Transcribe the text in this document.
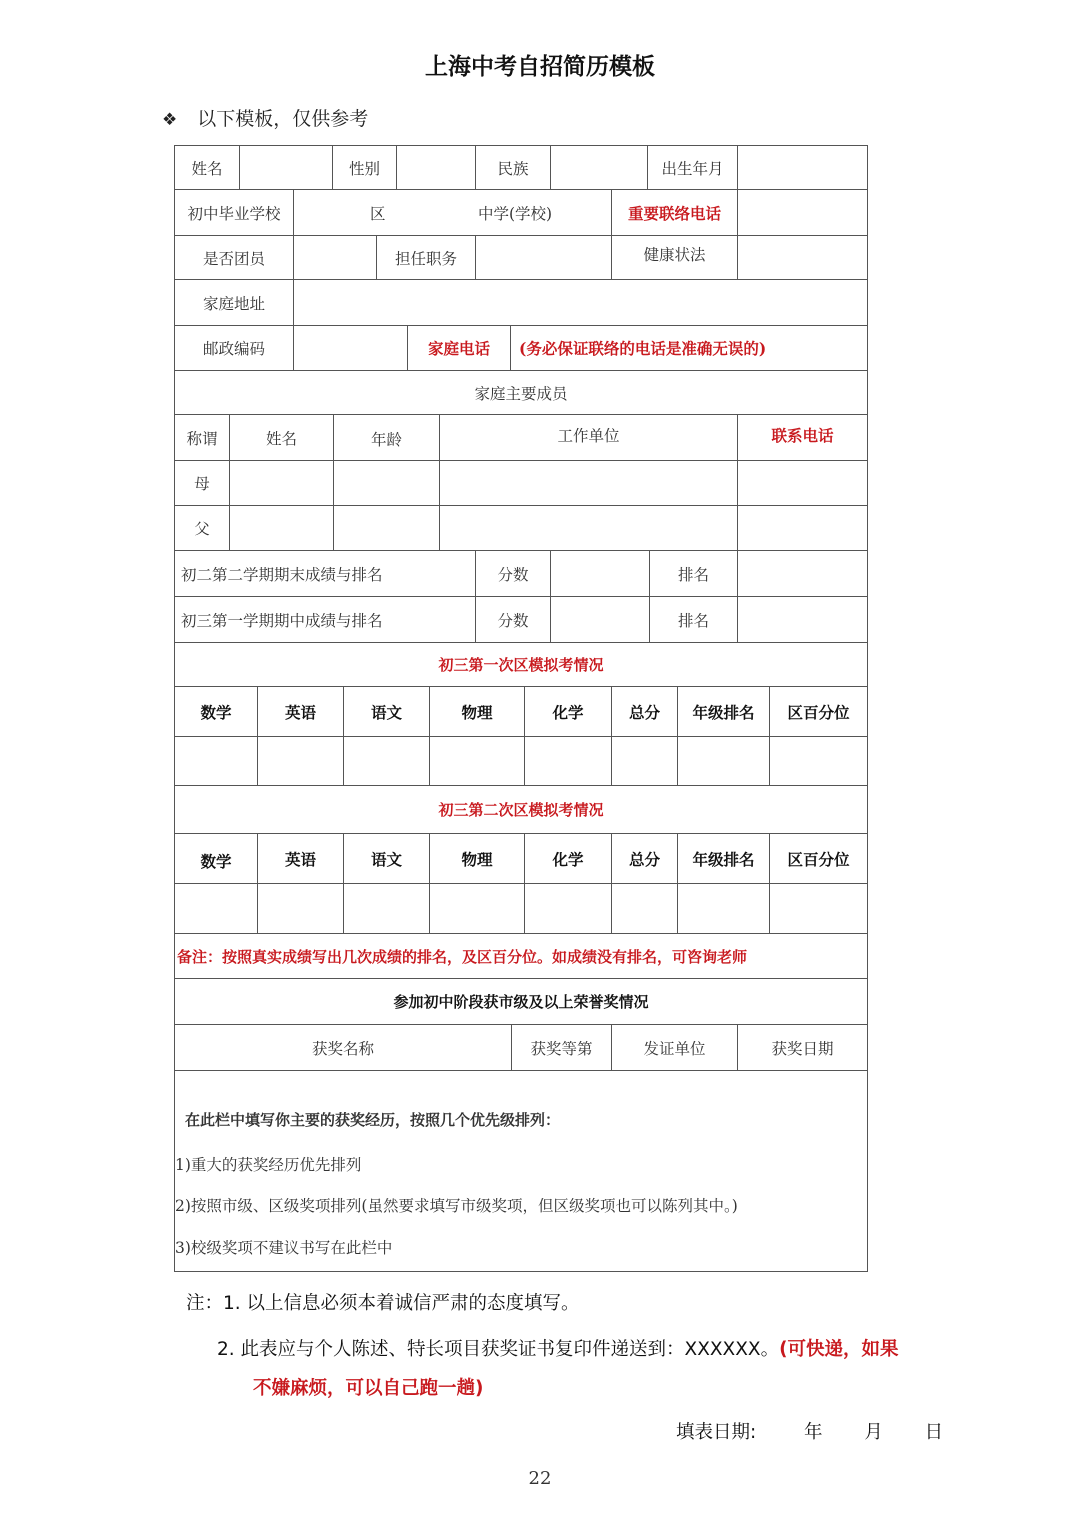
上海中考自招简历模板
❖ 以下模板，仅供参考
姓名	性别	民族	出生年月
初中毕业学校	区	中学(学校)	重要联络电话
是否团员	担任职务	健康状法
家庭地址
邮政编码	家庭电话	(务必保证联络的电话是准确无误的)
家庭主要成员
称谓	姓名	年龄	工作单位	联系电话
母
父
初二第二学期期末成绩与排名	分数	排名
初三第一学期期中成绩与排名	分数	排名
初三第一次区模拟考情况
数学	英语	语文	物理	化学	总分	年级排名	区百分位
初三第二次区模拟考情况
数学	英语	语文	物理	化学	总分	年级排名	区百分位
备注：按照真实成绩写出几次成绩的排名，及区百分位。如成绩没有排名，可咨询老师
参加初中阶段获市级及以上荣誉奖情况
获奖名称	获奖等第	发证单位	获奖日期
在此栏中填写你主要的获奖经历，按照几个优先级排列：
1)重大的获奖经历优先排列
2)按照市级、区级奖项排列(虽然要求填写市级奖项，但区级奖项也可以陈列其中。)
3)校级奖项不建议书写在此栏中
注：1. 以上信息必须本着诚信严肃的态度填写。
2. 此表应与个人陈述、特长项目获奖证书复印件递送到：XXXXXX。(可快递，如果
不嫌麻烦，可以自己跑一趟)
填表日期:	年 月 日
22
